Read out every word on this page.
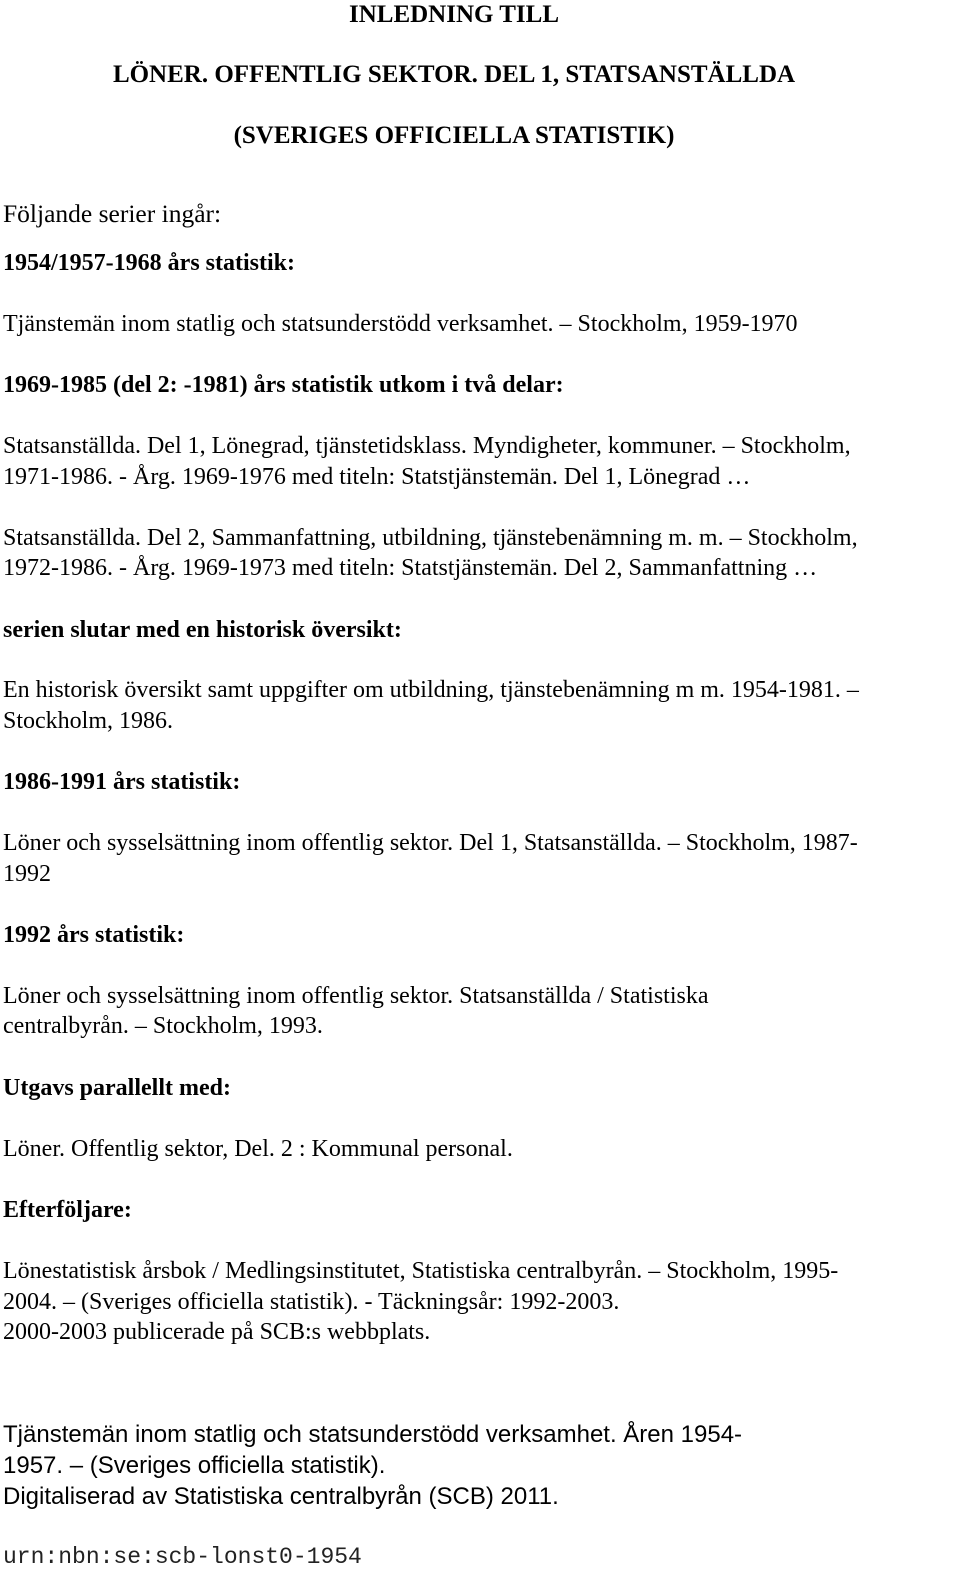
INLEDNING TILL
LÖNER. OFFENTLIG SEKTOR. DEL 1, STATSANSTÄLLDA
(SVERIGES OFFICIELLA STATISTIK)
Följande serier ingår:
1954/1957-1968 års statistik:
Tjänstemän inom statlig och statsunderstödd verksamhet. – Stockholm, 1959-1970
1969-1985 (del 2: -1981) års statistik utkom i två delar:
Statsanställda. Del 1, Lönegrad, tjänstetidsklass. Myndigheter, kommuner. – Stockholm,
1971-1986. - Årg. 1969-1976 med titeln: Statstjänstemän. Del 1, Lönegrad …
Statsanställda. Del 2, Sammanfattning, utbildning, tjänstebenämning m. m. – Stockholm,
1972-1986. - Årg. 1969-1973 med titeln: Statstjänstemän. Del 2, Sammanfattning …
serien slutar med en historisk översikt:
En historisk översikt samt uppgifter om utbildning, tjänstebenämning m m. 1954-1981. –
Stockholm, 1986.
1986-1991 års statistik:
Löner och sysselsättning inom offentlig sektor. Del 1, Statsanställda. – Stockholm, 1987-
1992
1992 års statistik:
Löner och sysselsättning inom offentlig sektor. Statsanställda / Statistiska
centralbyrån. – Stockholm, 1993.
Utgavs parallellt med:
Löner. Offentlig sektor, Del. 2 : Kommunal personal.
Efterföljare:
Lönestatistisk årsbok / Medlingsinstitutet, Statistiska centralbyrån. – Stockholm, 1995-
2004. – (Sveriges officiella statistik). - Täckningsår: 1992-2003.
2000-2003 publicerade på SCB:s webbplats.
Tjänstemän inom statlig och statsunderstödd verksamhet. Åren 1954-
1957. – (Sveriges officiella statistik).
Digitaliserad av Statistiska centralbyrån (SCB) 2011.
urn:nbn:se:scb-lonst0-1954
